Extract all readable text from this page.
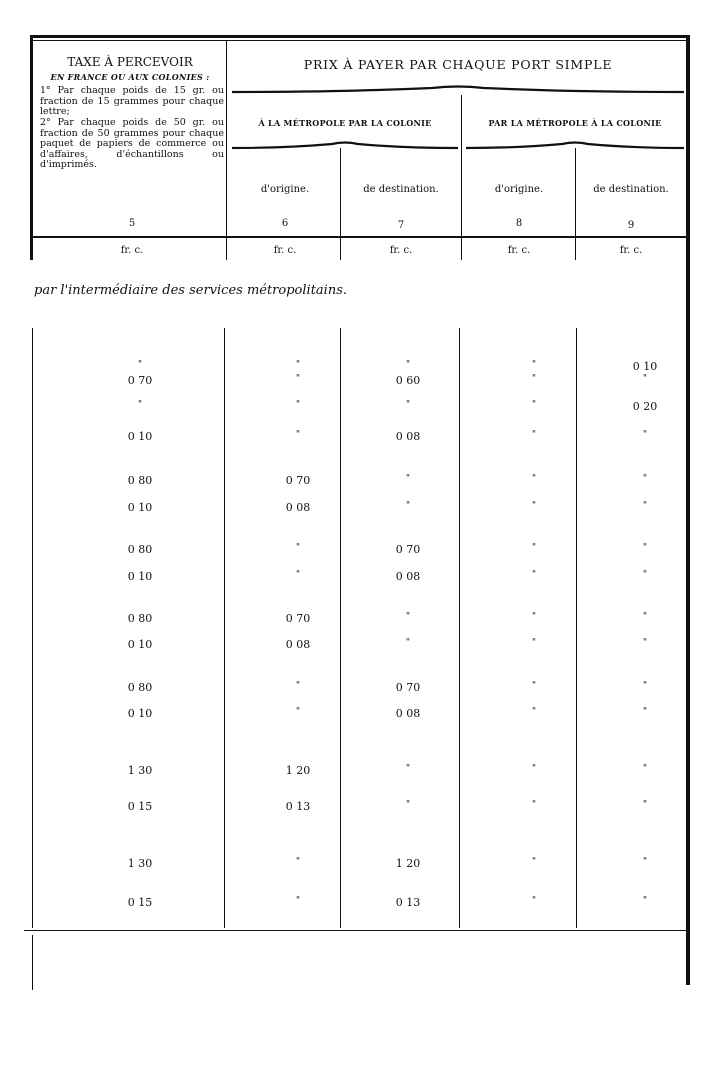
TAXE À PERCEVOIR
EN FRANCE OU AUX COLONIES :
1° Par chaque poids de 15 gr. ou fraction de 15 grammes pour chaque lettre;
2° Par chaque poids de 50 gr. ou fraction de 50 grammes pour chaque paquet de papiers de commerce ou d'affaires, d'échantillons ou d'imprimés.
PRIX À PAYER PAR CHAQUE PORT SIMPLE
À LA MÉTROPOLE PAR LA COLONIE	PAR LA MÉTROPOLE À LA COLONIE
d'origine.	de destination.	d'origine.	de destination.
5	6	7	8	9
fr. c.	fr. c.	fr. c.	fr. c.	fr. c.
par l'intermédiaire des services métropolitains.
"	"	"	"	0 10
0 70	"	0 60	"	"
"	"	"	"	0 20
0 10	"	0 08	"	"
0 80	0 70	"	"	"
0 10	0 08	"	"	"
0 80	"	0 70	"	"
0 10	"	0 08	"	"
0 80	0 70	"	"	"
0 10	0 08	"	"	"
0 80	"	0 70	"	"
0 10	"	0 08	"	"
1 30	1 20	"	"	"
0 15	0 13	"	"	"
1 30	"	1 20	"	"
0 15	"	0 13	"	"
